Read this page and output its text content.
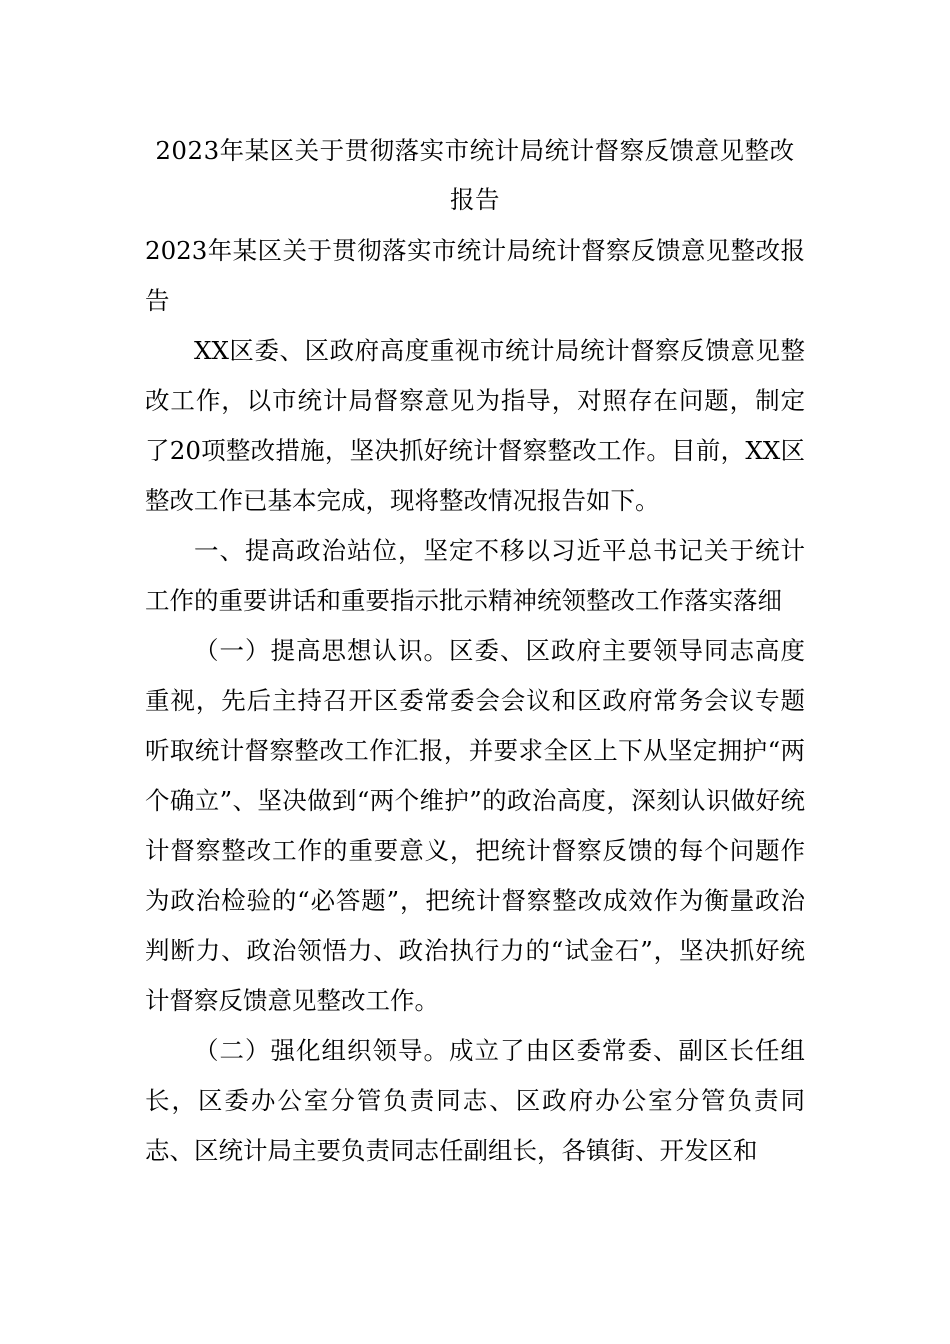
2023年某区关于贯彻落实市统计局统计督察反馈意见整改报告

2023年某区关于贯彻落实市统计局统计督察反馈意见整改报告

XX区委、区政府高度重视市统计局统计督察反馈意见整改工作，以市统计局督察意见为指导，对照存在问题，制定了20项整改措施，坚决抓好统计督察整改工作。目前，XX区整改工作已基本完成，现将整改情况报告如下。

一、提高政治站位，坚定不移以习近平总书记关于统计工作的重要讲话和重要指示批示精神统领整改工作落实落细

（一）提高思想认识。区委、区政府主要领导同志高度重视，先后主持召开区委常委会会议和区政府常务会议专题听取统计督察整改工作汇报，并要求全区上下从坚定拥护“两个确立”、坚决做到“两个维护”的政治高度，深刻认识做好统计督察整改工作的重要意义，把统计督察反馈的每个问题作为政治检验的“必答题”，把统计督察整改成效作为衡量政治判断力、政治领悟力、政治执行力的“试金石”，坚决抓好统计督察反馈意见整改工作。

（二）强化组织领导。成立了由区委常委、副区长任组长，区委办公室分管负责同志、区政府办公室分管负责同志、区统计局主要负责同志任副组长，各镇街、开发区和
